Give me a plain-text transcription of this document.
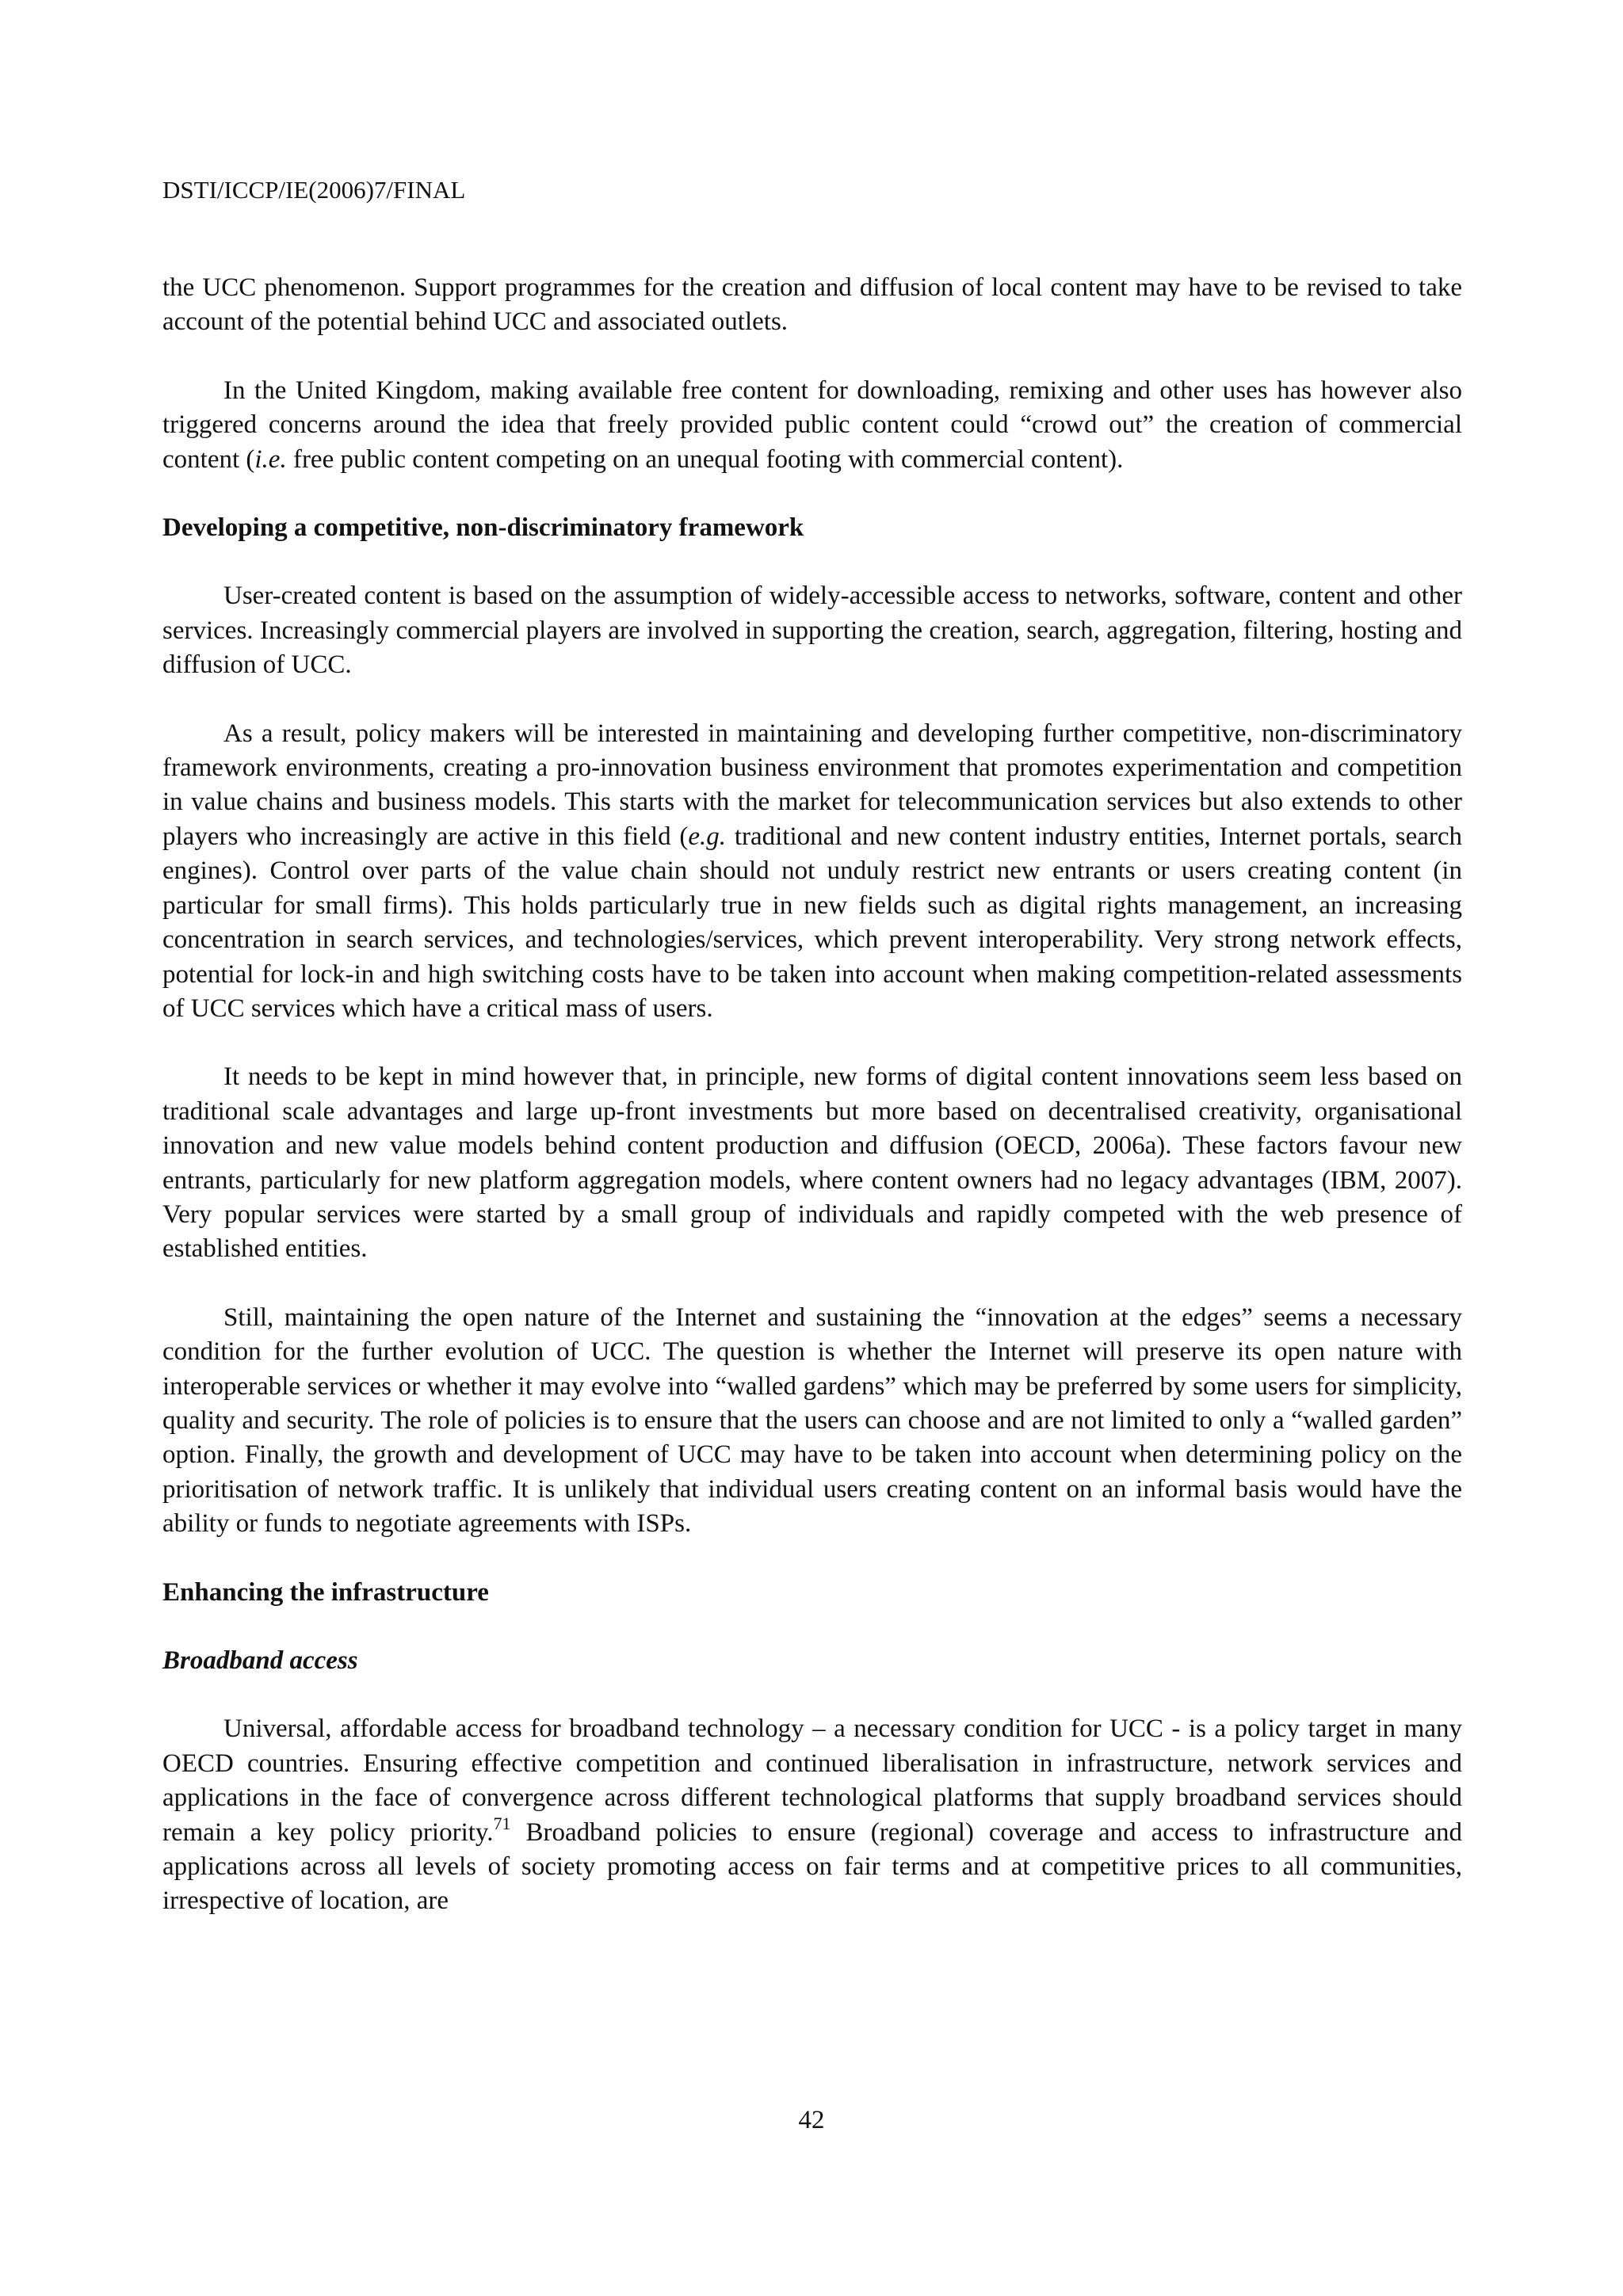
DSTI/ICCP/IE(2006)7/FINAL

the UCC phenomenon. Support programmes for the creation and diffusion of local content may have to be revised to take account of the potential behind UCC and associated outlets.

In the United Kingdom, making available free content for downloading, remixing and other uses has however also triggered concerns around the idea that freely provided public content could “crowd out” the creation of commercial content (i.e. free public content competing on an unequal footing with commercial content).

Developing a competitive, non-discriminatory framework

User-created content is based on the assumption of widely-accessible access to networks, software, content and other services. Increasingly commercial players are involved in supporting the creation, search, aggregation, filtering, hosting and diffusion of UCC.

As a result, policy makers will be interested in maintaining and developing further competitive, non-discriminatory framework environments, creating a pro-innovation business environment that promotes experimentation and competition in value chains and business models. This starts with the market for telecommunication services but also extends to other players who increasingly are active in this field (e.g. traditional and new content industry entities, Internet portals, search engines). Control over parts of the value chain should not unduly restrict new entrants or users creating content (in particular for small firms). This holds particularly true in new fields such as digital rights management, an increasing concentration in search services, and technologies/services, which prevent interoperability. Very strong network effects, potential for lock-in and high switching costs have to be taken into account when making competition-related assessments of UCC services which have a critical mass of users.

It needs to be kept in mind however that, in principle, new forms of digital content innovations seem less based on traditional scale advantages and large up-front investments but more based on decentralised creativity, organisational innovation and new value models behind content production and diffusion (OECD, 2006a). These factors favour new entrants, particularly for new platform aggregation models, where content owners had no legacy advantages (IBM, 2007). Very popular services were started by a small group of individuals and rapidly competed with the web presence of established entities.

Still, maintaining the open nature of the Internet and sustaining the “innovation at the edges” seems a necessary condition for the further evolution of UCC. The question is whether the Internet will preserve its open nature with interoperable services or whether it may evolve into “walled gardens” which may be preferred by some users for simplicity, quality and security. The role of policies is to ensure that the users can choose and are not limited to only a “walled garden” option. Finally, the growth and development of UCC may have to be taken into account when determining policy on the prioritisation of network traffic. It is unlikely that individual users creating content on an informal basis would have the ability or funds to negotiate agreements with ISPs.

Enhancing the infrastructure
Broadband access

Universal, affordable access for broadband technology – a necessary condition for UCC - is a policy target in many OECD countries. Ensuring effective competition and continued liberalisation in infrastructure, network services and applications in the face of convergence across different technological platforms that supply broadband services should remain a key policy priority.$^{71}$ Broadband policies to ensure (regional) coverage and access to infrastructure and applications across all levels of society promoting access on fair terms and at competitive prices to all communities, irrespective of location, are

42
